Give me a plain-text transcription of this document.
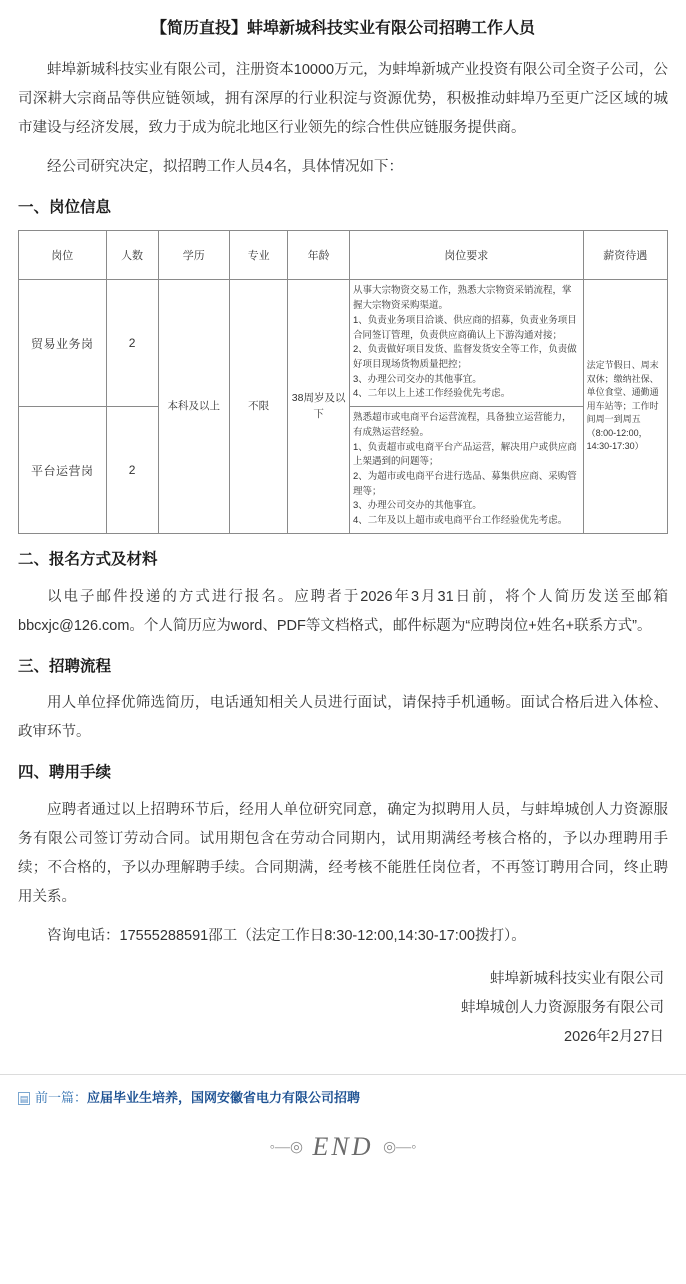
【简历直投】蚌埠新城科技实业有限公司招聘工作人员

蚌埠新城科技实业有限公司，注册资本10000万元，为蚌埠新城产业投资有限公司全资子公司，公司深耕大宗商品等供应链领域，拥有深厚的行业积淀与资源优势，积极推动蚌埠乃至更广泛区域的城市建设与经济发展，致力于成为皖北地区行业领先的综合性供应链服务提供商。

经公司研究决定，拟招聘工作人员4名，具体情况如下：

一、岗位信息
岗位	人数	学历	专业	年龄	岗位要求	薪资待遇
贸易业务岗	2	本科及以上	不限	38周岁及以下	从事大宗物资交易工作，熟悉大宗物资采销流程，掌握大宗物资采购渠道。
1、负责业务项目洽谈、供应商的招募，负责业务项目合同签订管理，负责供应商确认上下游沟通对接；
2、负责做好项目发货、监督发货安全等工作，负责做好项目现场货物质量把控；
3、办理公司交办的其他事宜。
4、二年以上上述工作经验优先考虑。	法定节假日、周末双休；缴纳社保、单位食堂、通勤通用车站等；工作时间周一到周五（8:00-12:00，14:30-17:30）
平台运营岗	2				熟悉超市或电商平台运营流程，具备独立运营能力，有成熟运营经验。
1、负责超市或电商平台产品运营，解决用户或供应商上架遇到的问题等；
2、为超市或电商平台进行选品、募集供应商、采购管理等；
3、办理公司交办的其他事宜。
4、二年及以上超市或电商平台工作经验优先考虑。	
二、报名方式及材料

以电子邮件投递的方式进行报名。应聘者于2026年3月31日前，将个人简历发送至邮箱bbcxjc@126.com。个人简历应为word、PDF等文档格式，邮件标题为“应聘岗位+姓名+联系方式”。

三、招聘流程

用人单位择优筛选简历，电话通知相关人员进行面试，请保持手机通畅。面试合格后进入体检、政审环节。

四、聘用手续

应聘者通过以上招聘环节后，经用人单位研究同意，确定为拟聘用人员，与蚌埠城创人力资源服务有限公司签订劳动合同。试用期包含在劳动合同期内，试用期满经考核合格的，予以办理聘用手续；不合格的，予以办理解聘手续。合同期满，经考核不能胜任岗位者，不再签订聘用合同，终止聘用关系。

咨询电话：17555288591邵工（法定工作日8:30-12:00,14:30-17:00拨打）。

蚌埠新城科技实业有限公司

蚌埠城创人力资源服务有限公司

2026年2月27日

▤ 前一篇：应届毕业生培养，国网安徽省电力有限公司招聘
◦—◎ END ◎—◦
